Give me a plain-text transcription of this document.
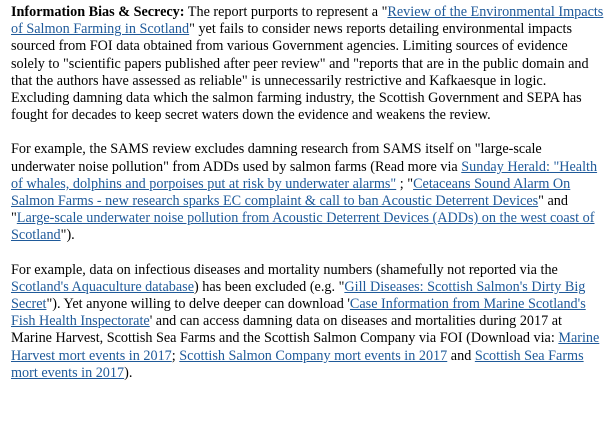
Information Bias & Secrecy: The report purports to represent a "Review of the Environmental Impacts of Salmon Farming in Scotland" yet fails to consider news reports detailing environmental impacts sourced from FOI data obtained from various Government agencies. Limiting sources of evidence solely to "scientific papers published after peer review" and "reports that are in the public domain and that the authors have assessed as reliable" is unnecessarily restrictive and Kafkaesque in logic. Excluding damning data which the salmon farming industry, the Scottish Government and SEPA has fought for decades to keep secret waters down the evidence and weakens the review.

For example, the SAMS review excludes damning research from SAMS itself on "large-scale underwater noise pollution" from ADDs used by salmon farms (Read more via Sunday Herald: "Health of whales, dolphins and porpoises put at risk by underwater alarms" ; "Cetaceans Sound Alarm On Salmon Farms - new research sparks EC complaint & call to ban Acoustic Deterrent Devices" and "Large-scale underwater noise pollution from Acoustic Deterrent Devices (ADDs) on the west coast of Scotland").

For example, data on infectious diseases and mortality numbers (shamefully not reported via the Scotland's Aquaculture database) has been excluded (e.g. "Gill Diseases: Scottish Salmon's Dirty Big Secret"). Yet anyone willing to delve deeper can download 'Case Information from Marine Scotland's Fish Health Inspectorate' and can access damning data on diseases and mortalities during 2017 at Marine Harvest, Scottish Sea Farms and the Scottish Salmon Company via FOI (Download via: Marine Harvest mort events in 2017; Scottish Salmon Company mort events in 2017 and Scottish Sea Farms mort events in 2017).
